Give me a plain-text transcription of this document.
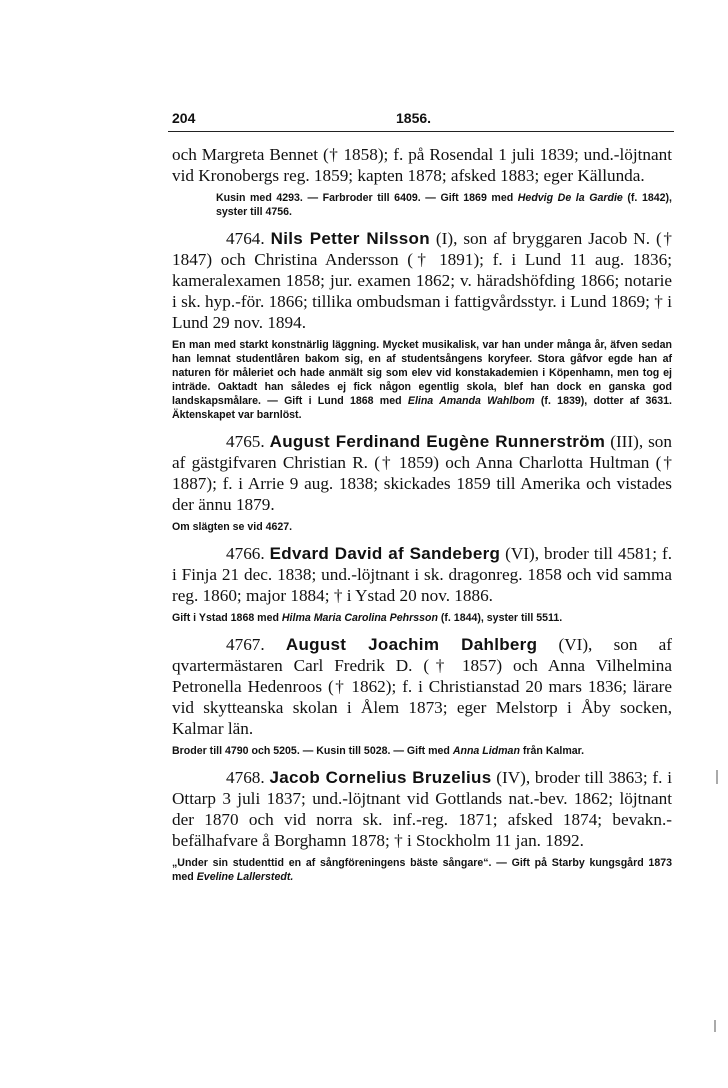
204	1856.

och Margreta Bennet († 1858); f. på Rosendal 1 juli 1839; und.-löjtnant vid Kronobergs reg. 1859; kapten 1878; afsked 1883; eger Källunda.

Kusin med 4293. — Farbroder till 6409. — Gift 1869 med Hedvig De la Gardie (f. 1842), syster till 4756.

4764. Nils Petter Nilsson (I), son af bryggaren Jacob N. († 1847) och Christina Andersson († 1891); f. i Lund 11 aug. 1836; kameralexamen 1858; jur. examen 1862; v. häradshöfding 1866; notarie i sk. hyp.-för. 1866; tillika ombudsman i fattigvårdsstyr. i Lund 1869; † i Lund 29 nov. 1894.

En man med starkt konstnärlig läggning. Mycket musikalisk, var han under många år, äfven sedan han lemnat studentlåren bakom sig, en af studentsångens koryfeer. Stora gåfvor egde han af naturen för måleriet och hade anmält sig som elev vid konstakademien i Köpenhamn, men tog ej inträde. Oaktadt han således ej fick någon egentlig skola, blef han dock en ganska god landskapsmålare. — Gift i Lund 1868 med Elina Amanda Wahlbom (f. 1839), dotter af 3631. Äktenskapet var barnlöst.

4765. August Ferdinand Eugène Runnerström (III), son af gästgifvaren Christian R. († 1859) och Anna Charlotta Hultman († 1887); f. i Arrie 9 aug. 1838; skickades 1859 till Amerika och vistades der ännu 1879.

Om slägten se vid 4627.

4766. Edvard David af Sandeberg (VI), broder till 4581; f. i Finja 21 dec. 1838; und.-löjtnant i sk. dragonreg. 1858 och vid samma reg. 1860; major 1884; † i Ystad 20 nov. 1886.

Gift i Ystad 1868 med Hilma Maria Carolina Pehrsson (f. 1844), syster till 5511.

4767. August Joachim Dahlberg (VI), son af qvartermästaren Carl Fredrik D. († 1857) och Anna Vilhelmina Petronella Hedenroos († 1862); f. i Christianstad 20 mars 1836; lärare vid skytteanska skolan i Ålem 1873; eger Melstorp i Åby socken, Kalmar län.

Broder till 4790 och 5205. — Kusin till 5028. — Gift med Anna Lidman från Kalmar.

4768. Jacob Cornelius Bruzelius (IV), broder till 3863; f. i Ottarp 3 juli 1837; und.-löjtnant vid Gottlands nat.-bev. 1862; löjtnant der 1870 och vid norra sk. inf.-reg. 1871; afsked 1874; bevakn.-befälhafvare å Borghamn 1878; † i Stockholm 11 jan. 1892.

„Under sin studenttid en af sångföreningens bäste sångare“. — Gift på Starby kungsgård 1873 med Eveline Lallerstedt.
